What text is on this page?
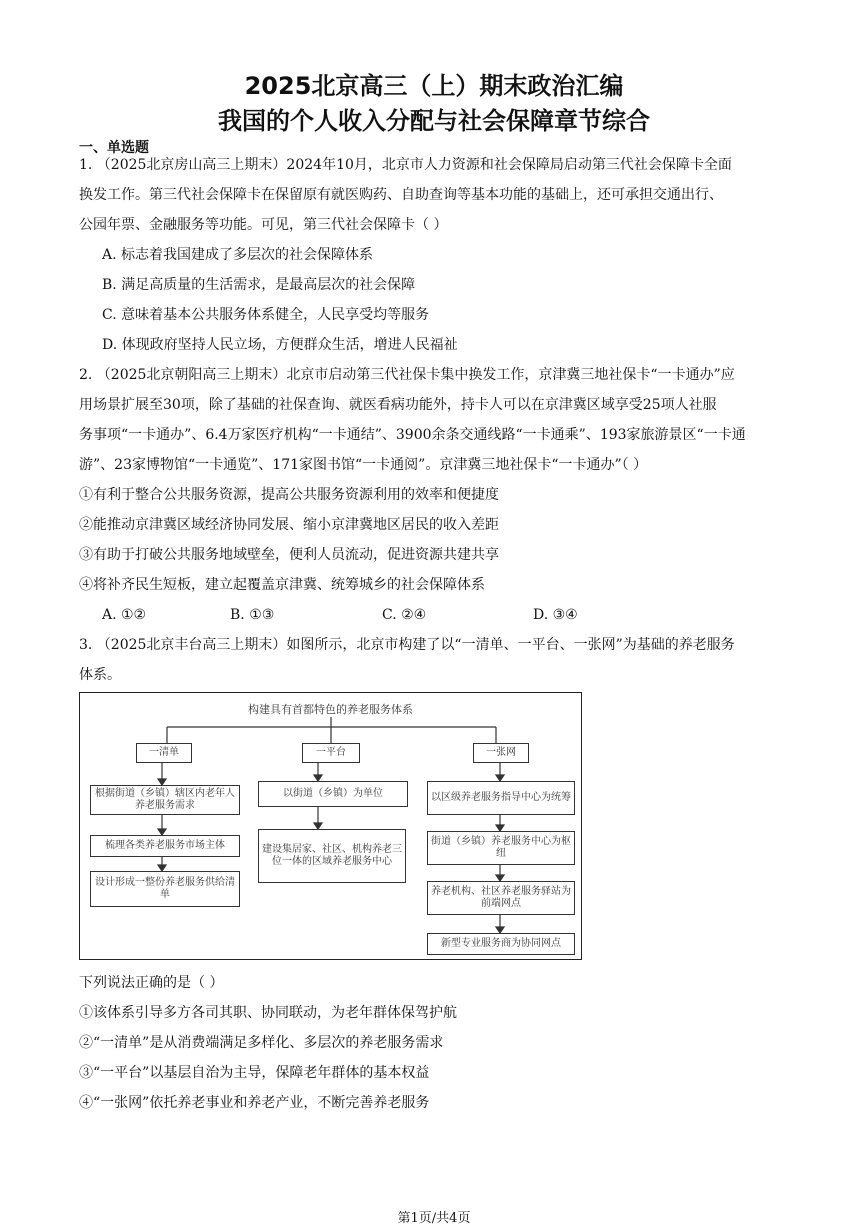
2025北京高三（上）期末政治汇编
我国的个人收入分配与社会保障章节综合
一、单选题
1. （2025北京房山高三上期末）2024年10月，北京市人力资源和社会保障局启动第三代社会保障卡全面
换发工作。第三代社会保障卡在保留原有就医购药、自助查询等基本功能的基础上，还可承担交通出行、
公园年票、金融服务等功能。可见，第三代社会保障卡（ ）
A. 标志着我国建成了多层次的社会保障体系
B. 满足高质量的生活需求，是最高层次的社会保障
C. 意味着基本公共服务体系健全，人民享受均等服务
D. 体现政府坚持人民立场，方便群众生活，增进人民福祉
2. （2025北京朝阳高三上期末）北京市启动第三代社保卡集中换发工作，京津冀三地社保卡“一卡通办”应
用场景扩展至30项，除了基础的社保查询、就医看病功能外，持卡人可以在京津冀区域享受25项人社服
务事项“一卡通办”、6.4万家医疗机构“一卡通结”、3900余条交通线路“一卡通乘”、193家旅游景区“一卡通
游”、23家博物馆“一卡通览”、171家图书馆“一卡通阅”。京津冀三地社保卡“一卡通办”（ ）
①有利于整合公共服务资源，提高公共服务资源利用的效率和便捷度
②能推动京津冀区域经济协同发展、缩小京津冀地区居民的收入差距
③有助于打破公共服务地域壁垒，便利人员流动，促进资源共建共享
④将补齐民生短板，建立起覆盖京津冀、统筹城乡的社会保障体系
A. ①②	B. ①③	C. ②④	D. ③④
3. （2025北京丰台高三上期末）如图所示，北京市构建了以“一清单、一平台、一张网”为基础的养老服务
体系。
构建具有首都特色的养老服务体系
一清单	一平台	一张网
根据街道（乡镇）辖区内老年人养老服务需求
梳理各类养老服务市场主体
设计形成一整份养老服务供给清单
以街道（乡镇）为单位
建设集居家、社区、机构养老三位一体的区域养老服务中心
以区级养老服务指导中心为统筹
街道（乡镇）养老服务中心为枢纽
养老机构、社区养老服务驿站为前端网点
新型专业服务商为协同网点
下列说法正确的是（ ）
①该体系引导多方各司其职、协同联动，为老年群体保驾护航
②“一清单”是从消费端满足多样化、多层次的养老服务需求
③“一平台”以基层自治为主导，保障老年群体的基本权益
④“一张网”依托养老事业和养老产业，不断完善养老服务
第1页/共4页
